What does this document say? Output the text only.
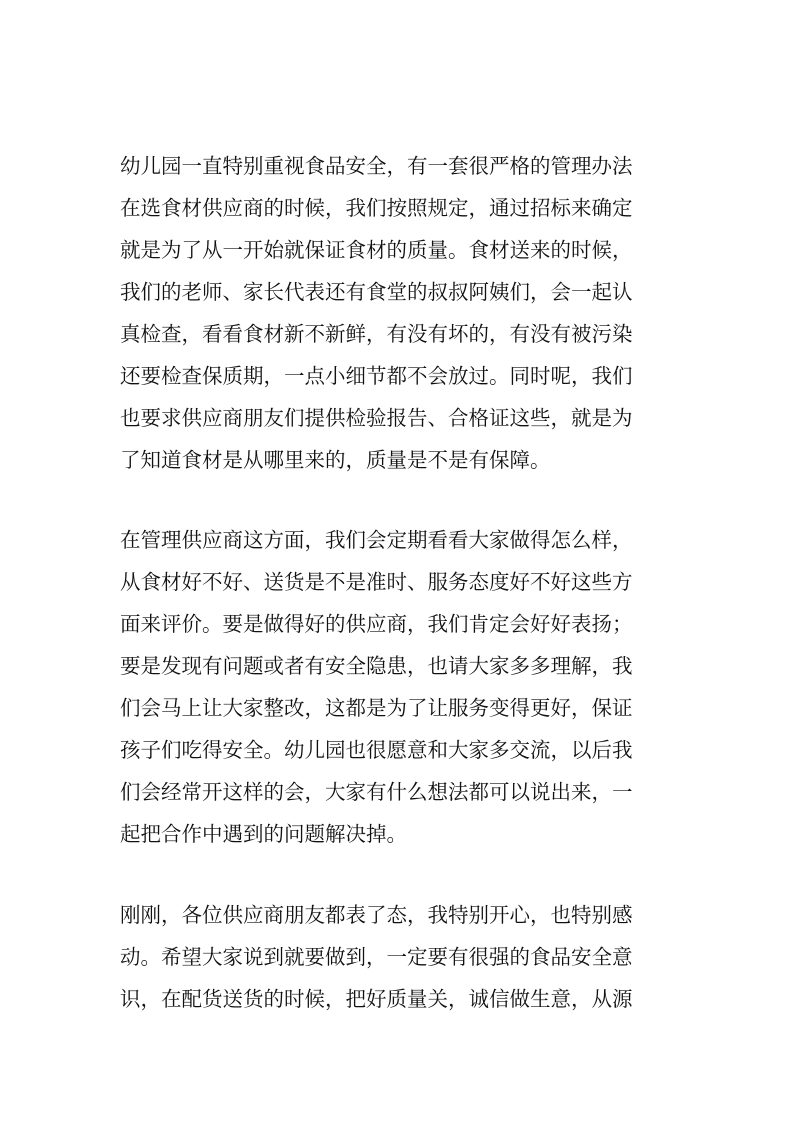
幼儿园一直特别重视食品安全，有一套很严格的管理办法
在选食材供应商的时候，我们按照规定，通过招标来确定
就是为了从一开始就保证食材的质量。食材送来的时候，
我们的老师、家长代表还有食堂的叔叔阿姨们，会一起认
真检查，看看食材新不新鲜，有没有坏的，有没有被污染
还要检查保质期，一点小细节都不会放过。同时呢，我们
也要求供应商朋友们提供检验报告、合格证这些，就是为
了知道食材是从哪里来的，质量是不是有保障。
在管理供应商这方面，我们会定期看看大家做得怎么样，
从食材好不好、送货是不是准时、服务态度好不好这些方
面来评价。要是做得好的供应商，我们肯定会好好表扬；
要是发现有问题或者有安全隐患，也请大家多多理解，我
们会马上让大家整改，这都是为了让服务变得更好，保证
孩子们吃得安全。幼儿园也很愿意和大家多交流，以后我
们会经常开这样的会，大家有什么想法都可以说出来，一
起把合作中遇到的问题解决掉。
刚刚，各位供应商朋友都表了态，我特别开心，也特别感
动。希望大家说到就要做到，一定要有很强的食品安全意
识，在配货送货的时候，把好质量关，诚信做生意，从源
